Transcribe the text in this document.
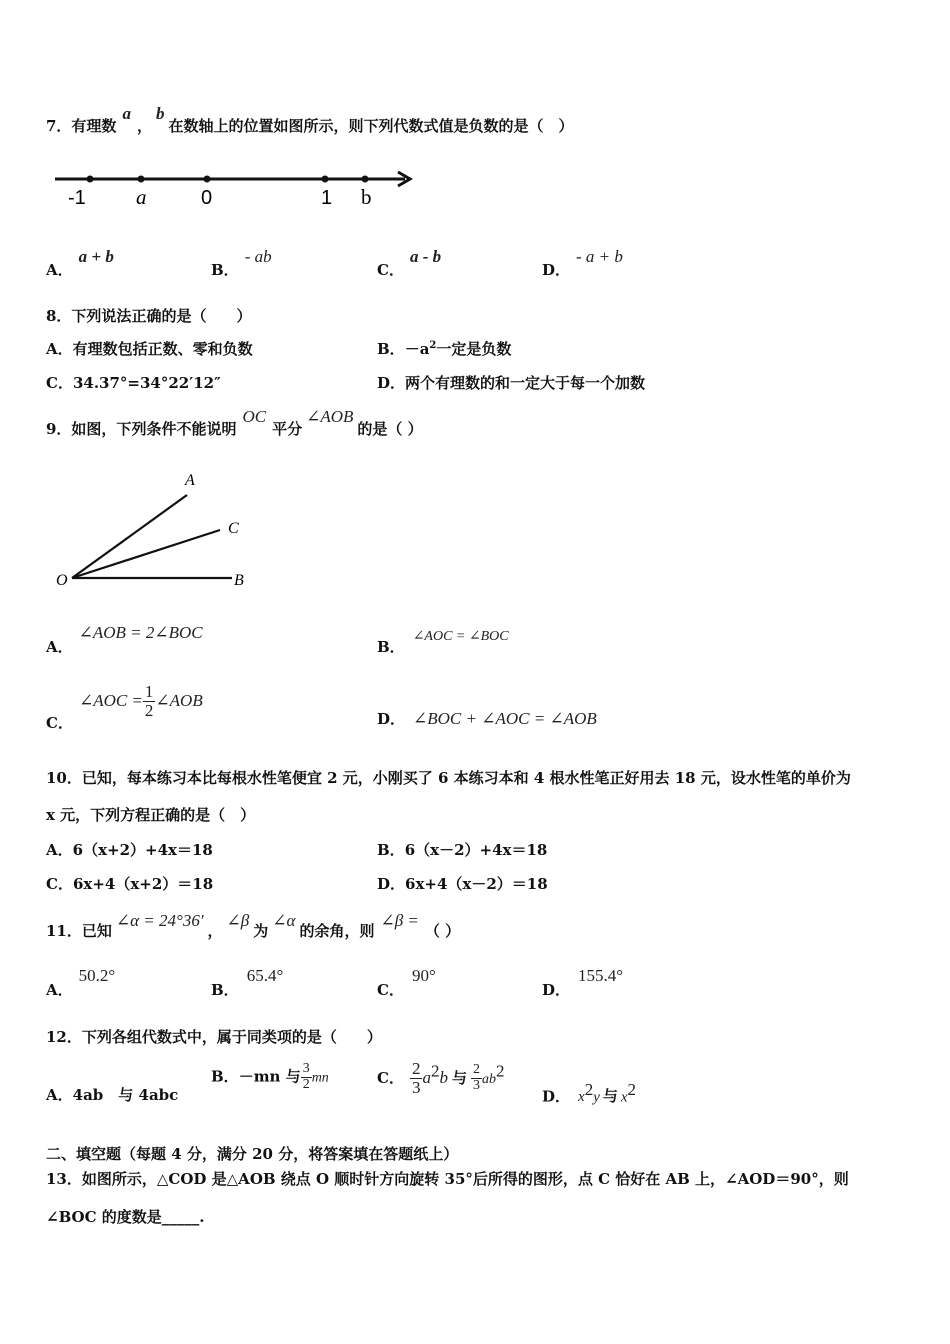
7．有理数a，b在数轴上的位置如图所示，则下列代数式值是负数的是（　）
-1 a	0	1 b
A．a + b
B．- ab
C．a - b
D．- a + b
8．下列说法正确的是（　　）
A．有理数包括正数、零和负数	B．$-a^2$一定是负数
C．34.37°=34°22′12″	D．两个有理数的和一定大于每一个加数
9．如图，下列条件不能说明OC平分∠AOB的是（ ）
A
C
B
O
A．∠AOB = 2∠BOC
B．∠AOC = ∠BOC
C．∠AOC = $\frac{1}{2}$ ∠AOB
D． ∠BOC + ∠AOC = ∠AOB
10．已知，每本练习本比每根水性笔便宜 2 元，小刚买了 6 本练习本和 4 根水性笔正好用去 18 元，设水性笔的单价为
x 元，下列方程正确的是（　）
A．6（x+2）+4x＝18	B．6（x－2）+4x＝18
C．6x+4（x+2）＝18	D．6x+4（x－2）＝18
11．已知∠α = 24°36′，∠β为∠α的余角，则∠β =（ ）
A．50.2°
B．65.4°
C．90°
D．155.4°
12．下列各组代数式中，属于同类项的是（　　）
A．4ab　与 4abc
B．－mn 与 $\frac{3}{2}$ mn	C． $\frac{2}{3} a^2b$ 与 $\frac{2}{3} ab^2$
D． $x^2y$ 与 $x^2$
二、填空题（每题 4 分，满分 20 分，将答案填在答题纸上）
13．如图所示，△COD 是△AOB 绕点 O 顺时针方向旋转 35°后所得的图形，点 C 恰好在 AB 上，∠AOD＝90°，则
∠BOC 的度数是_____.
